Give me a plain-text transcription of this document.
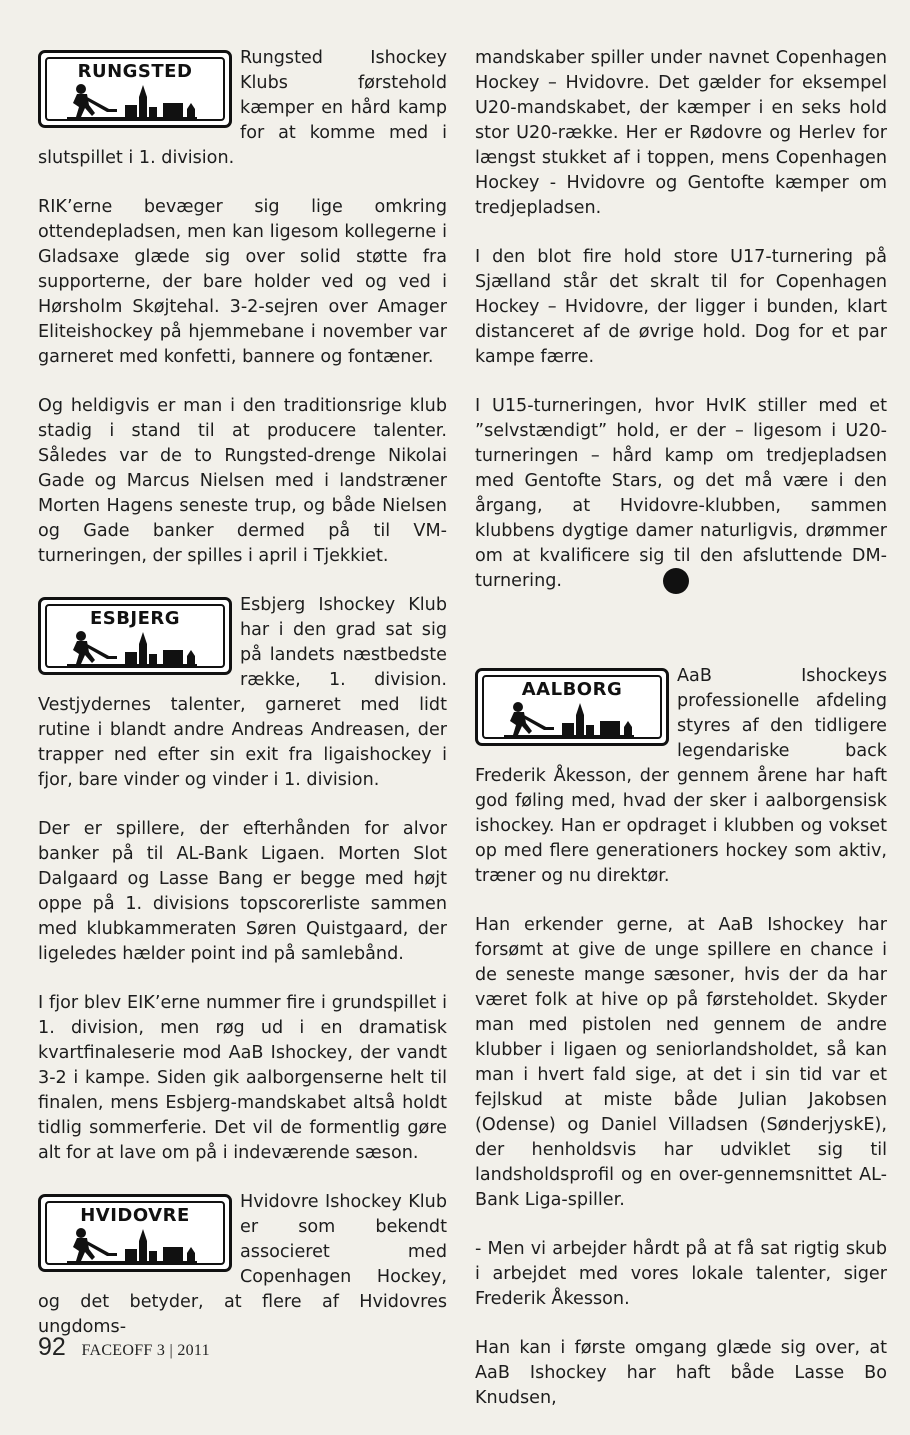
RUNGSTED
Rungsted Ishockey Klubs førstehold kæmper en hård kamp for at komme med i slutspillet i 1. division.

RIK’erne bevæger sig lige omkring ottendepladsen, men kan ligesom kollegerne i Gladsaxe glæde sig over solid støtte fra supporterne, der bare holder ved og ved i Hørsholm Skøjtehal. 3-2-sejren over Amager Eliteishockey på hjemmebane i november var garneret med konfetti, bannere og fontæner.

Og heldigvis er man i den traditionsrige klub stadig i stand til at producere talenter. Således var de to Rungsted-drenge Nikolai Gade og Marcus Nielsen med i landstræner Morten Hagens seneste trup, og både Nielsen og Gade banker dermed på til VM-turneringen, der spilles i april i Tjekkiet.

ESBJERG
Esbjerg Ishockey Klub har i den grad sat sig på landets næstbedste række, 1. division. Vestjydernes talenter, garneret med lidt rutine i blandt andre Andreas Andreasen, der trapper ned efter sin exit fra ligaishockey i fjor, bare vinder og vinder i 1. division.

Der er spillere, der efterhånden for alvor banker på til AL-Bank Ligaen. Morten Slot Dalgaard og Lasse Bang er begge med højt oppe på 1. divisions topscorerliste sammen med klubkammeraten Søren Quistgaard, der ligeledes hælder point ind på samlebånd.

I fjor blev EIK’erne nummer fire i grundspillet i 1. division, men røg ud i en dramatisk kvartfinaleserie mod AaB Ishockey, der vandt 3-2 i kampe. Siden gik aalborgenserne helt til finalen, mens Esbjerg-mandskabet altså holdt tidlig sommerferie. Det vil de formentlig gøre alt for at lave om på i indeværende sæson.

HVIDOVRE
Hvidovre Ishockey Klub er som bekendt associeret med Copenhagen Hockey, og det betyder, at flere af Hvidovres ungdoms-

mandskaber spiller under navnet Copenhagen Hockey – Hvidovre. Det gælder for eksempel U20-mandskabet, der kæmper i en seks hold stor U20-række. Her er Rødovre og Herlev for længst stukket af i toppen, mens Copenhagen Hockey - Hvidovre og Gentofte kæmper om tredjepladsen.

I den blot fire hold store U17-turnering på Sjælland står det skralt til for Copenhagen Hockey – Hvidovre, der ligger i bunden, klart distanceret af de øvrige hold. Dog for et par kampe færre.

I U15-turneringen, hvor HvIK stiller med et ”selvstændigt” hold, er der – ligesom i U20-turneringen – hård kamp om tredjepladsen med Gentofte Stars, og det må være i den årgang, at Hvidovre-klubben, sammen klubbens dygtige damer naturligvis, drømmer om at kvalificere sig til den afsluttende DM-turnering.

AALBORG
AaB Ishockeys professionelle afdeling styres af den tidligere legendariske back Frederik Åkesson, der gennem årene har haft god føling med, hvad der sker i aalborgensisk ishockey. Han er opdraget i klubben og vokset op med flere generationers hockey som aktiv, træner og nu direktør.

Han erkender gerne, at AaB Ishockey har forsømt at give de unge spillere en chance i de seneste mange sæsoner, hvis der da har været folk at hive op på førsteholdet. Skyder man med pistolen ned gennem de andre klubber i ligaen og seniorlandsholdet, så kan man i hvert fald sige, at det i sin tid var et fejlskud at miste både Julian Jakobsen (Odense) og Daniel Villadsen (SønderjyskE), der henholdsvis har udviklet sig til landsholdsprofil og en over-gennemsnittet AL-Bank Liga-spiller.

- Men vi arbejder hårdt på at få sat rigtig skub i arbejdet med vores lokale talenter, siger Frederik Åkesson.

Han kan i første omgang glæde sig over, at AaB Ishockey har haft både Lasse Bo Knudsen,

92 FACEOFF 3 | 2011
